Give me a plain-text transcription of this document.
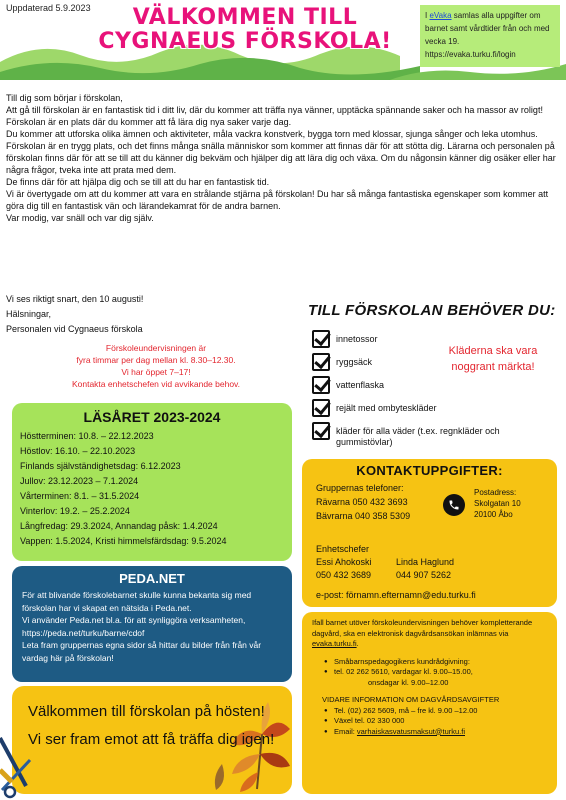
Uppdaterad 5.9.2023	VÄLKOMMEN TILL
CYGNAEUS FÖRSKOLA!
I eVaka samlas alla uppgifter om barnet samt vårdtider från och med vecka 19.
https://evaka.turku.fi/login

Till dig som börjar i förskolan,

Att gå till förskolan är en fantastisk tid i ditt liv, där du kommer att träffa nya vänner, upptäcka spännande saker och ha massor av roligt! Förskolan är en plats där du kommer att få lära dig nya saker varje dag.

Du kommer att utforska olika ämnen och aktiviteter, måla vackra konstverk, bygga torn med klossar, sjunga sånger och leka utomhus.

Förskolan är en trygg plats, och det finns många snälla människor som kommer att finnas där för att stötta dig. Lärarna och personalen på förskolan finns där för att se till att du känner dig bekväm och hjälper dig att lära dig och växa. Om du någonsin känner dig osäker eller har några frågor, tveka inte att prata med dem.

De finns där för att hjälpa dig och se till att du har en fantastisk tid.

Vi är övertygade om att du kommer att vara en strålande stjärna på förskolan! Du har så många fantastiska egenskaper som kommer att göra dig till en fantastisk vän och lärandekamrat för de andra barnen.

Var modig, var snäll och var dig själv.

Vi ses riktigt snart, den 10 augusti!
Hälsningar,
Personalen vid Cygnaeus förskola
Förskoleundervisningen är
fyra timmar per dag mellan kl. 8.30–12.30.
Vi har öppet 7–17!
Kontakta enhetschefen vid avvikande behov.
TILL FÖRSKOLAN BEHÖVER DU:
innetossor
ryggsäck
vattenflaska
rejält med ombyteskläder
kläder för alla väder (t.ex. regnkläder och gummistövlar)
Kläderna ska vara noggrant märkta!
LÄSÅRET 2023-2024
Höstterminen: 10.8. – 22.12.2023
Höstlov: 16.10. – 22.10.2023
Finlands självständighetsdag: 6.12.2023
Jullov: 23.12.2023 – 7.1.2024
Vårterminen: 8.1. – 31.5.2024
Vinterlov: 19.2. – 25.2.2024
Långfredag: 29.3.2024, Annandag påsk: 1.4.2024
Vappen: 1.5.2024, Kristi himmelsfärdsdag: 9.5.2024
PEDA.NET
För att blivande förskolebarnet skulle kunna bekanta sig med förskolan har vi skapat en nätsida i Peda.net.
Vi använder Peda.net bl.a. för att synliggöra verksamheten, https://peda.net/turku/barne/cdof
Leta fram gruppernas egna sidor så hittar du bilder från från vår vardag här på förskolan!
Välkommen till förskolan på hösten! Vi ser fram emot att få träffa dig igen!
KONTAKTUPPGIFTER:
Gruppernas telefoner:
Rävarna 050 432 3693
Bävrarna 040 358 5309
Postadress:
Skolgatan 10
20100 Åbo
Enhetschefer
Essi Ahokoski
050 432 3689
Linda Haglund
044 907 5262
e-post: förnamn.efternamn@edu.turku.fi
Ifall barnet utöver förskoleundervisningen behöver kompletterande dagvård, ska en elektronisk dagvårdsansökan inlämnas via evaka.turku.fi.
● Småbarnspedagogikens kundrådgivning:
● tel. 02 262 5610, vardagar kl. 9.00–15.00,
onsdagar kl. 9.00–12.00
VIDARE INFORMATION OM DAGVÅRDSAVGIFTER
● Tel. (02) 262 5609, må – fre kl. 9.00 –12.00
● Växel tel. 02 330 000
● Email: varhaiskasvatusmaksut@turku.fi
